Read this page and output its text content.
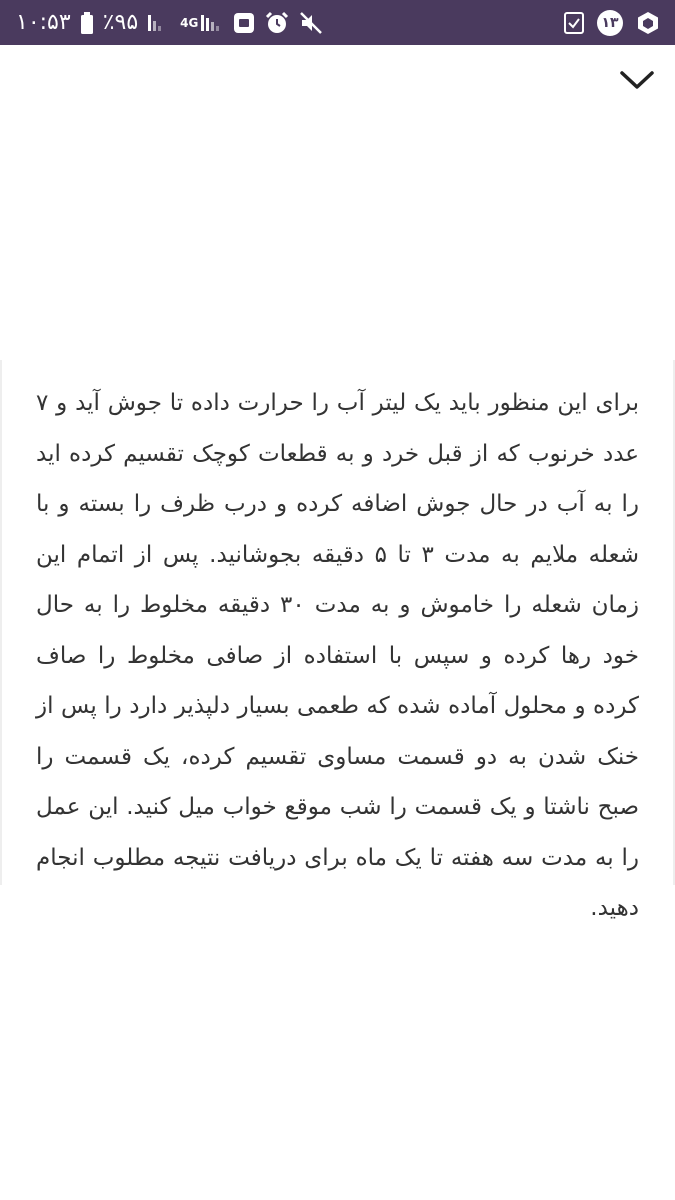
۱۰:۵۳ ٪۹۵	4G	۱۳

برای این منظور باید یک لیتر آب را حرارت داده تا جوش آید و ۷ عدد خرنوب که از قبل خرد و به قطعات کوچک تقسیم کرده اید را به آب در حال جوش اضافه کرده و درب ظرف را بسته و با شعله ملایم به مدت ۳ تا ۵ دقیقه بجوشانید. پس از اتمام این زمان شعله را خاموش و به مدت ۳۰ دقیقه مخلوط را به حال خود رها کرده و سپس با استفاده از صافی مخلوط را صاف کرده و محلول آماده شده که طعمی بسیار دلپذیر دارد را پس از خنک شدن به دو قسمت مساوی تقسیم کرده، یک قسمت را صبح ناشتا و یک قسمت را شب موقع خواب میل کنید. این عمل را به مدت سه هفته تا یک ماه برای دریافت نتیجه مطلوب انجام دهید.
